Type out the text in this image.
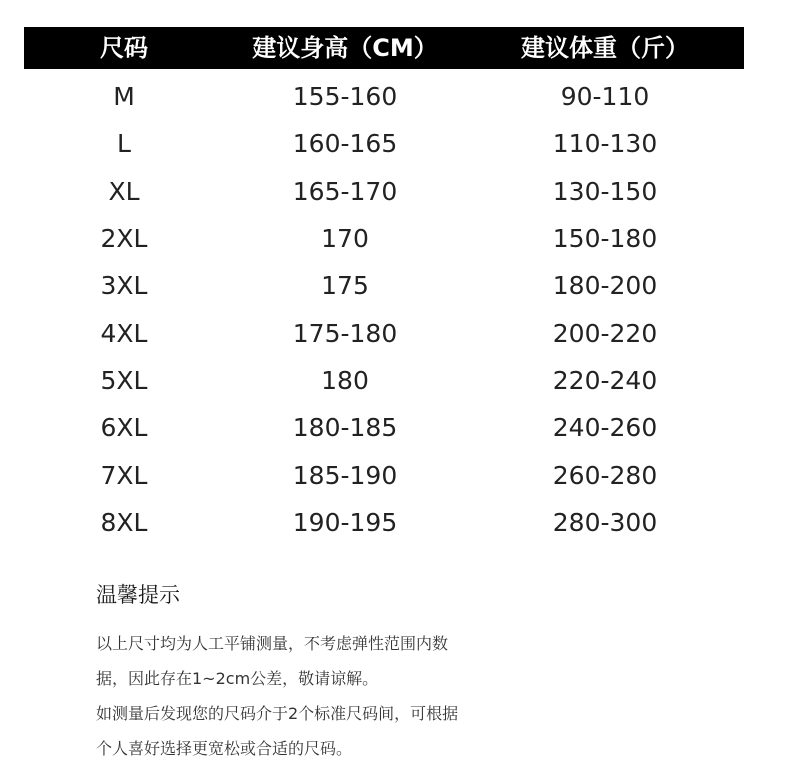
尺码	建议身高（CM）	建议体重（斤）
M	155-160	90-110
L	160-165	110-130
XL	165-170	130-150
2XL	170	150-180
3XL	175	180-200
4XL	175-180	200-220
5XL	180	220-240
6XL	180-185	240-260
7XL	185-190	260-280
8XL	190-195	280-300
温馨提示
以上尺寸均为人工平铺测量，不考虑弹性范围内数
据，因此存在1~2cm公差，敬请谅解。
如测量后发现您的尺码介于2个标准尺码间，可根据
个人喜好选择更宽松或合适的尺码。
